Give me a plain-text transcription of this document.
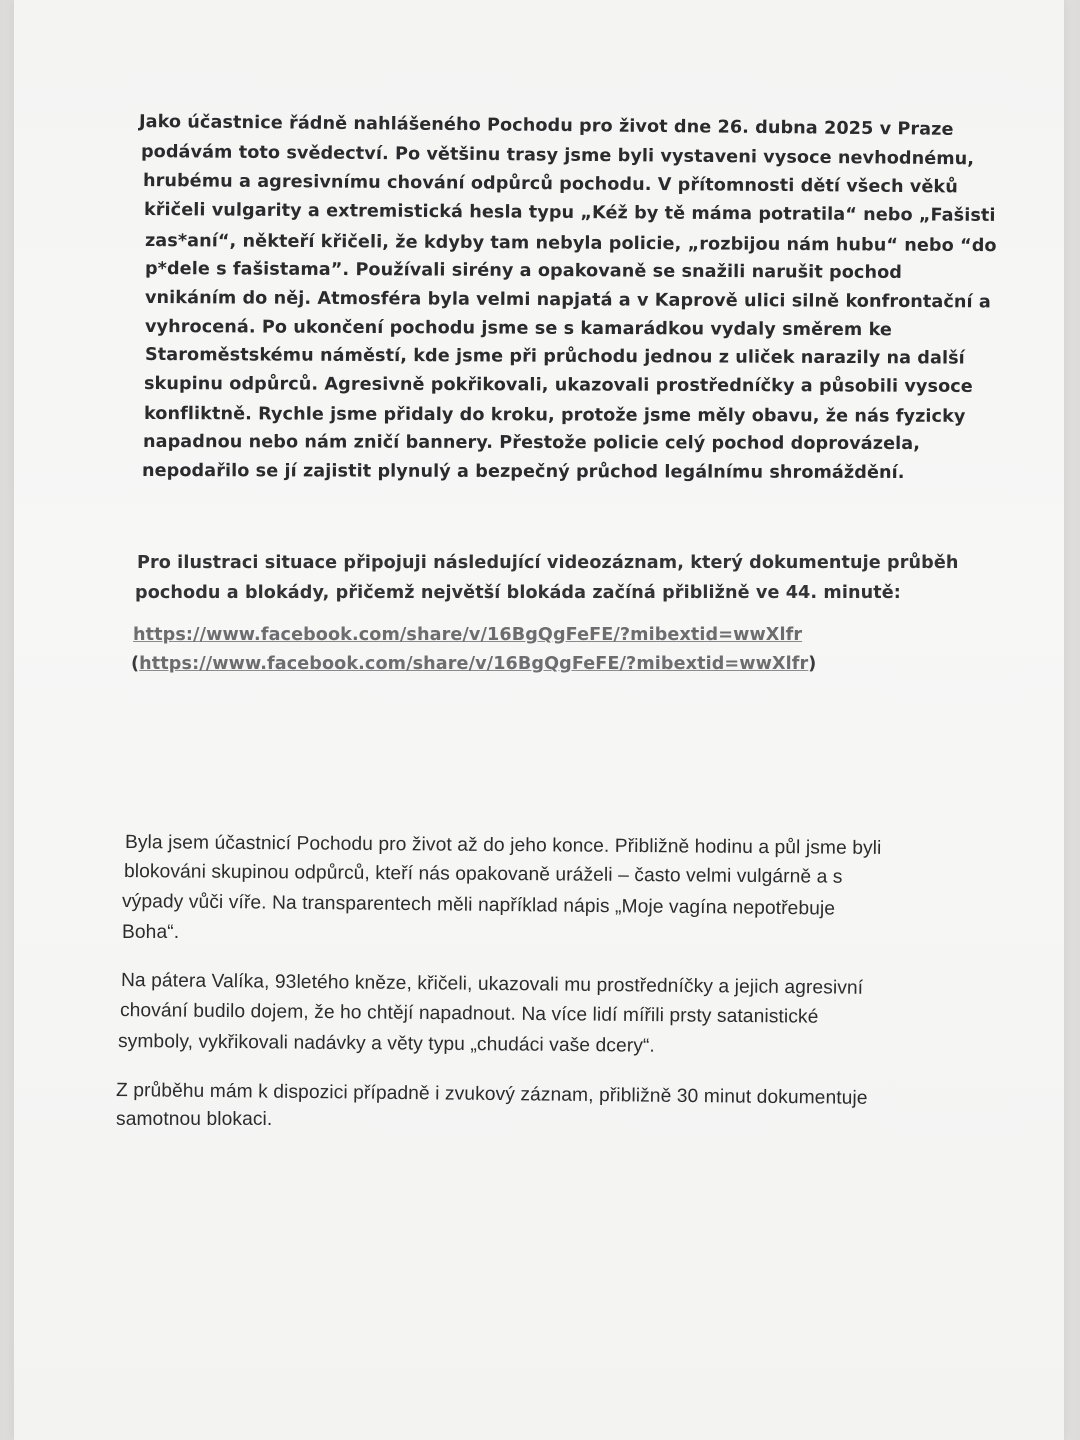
Jako účastnice řádně nahlášeného Pochodu pro život dne 26. dubna 2025 v Praze
podávám toto svědectví. Po většinu trasy jsme byli vystaveni vysoce nevhodnému,
hrubému a agresivnímu chování odpůrců pochodu. V přítomnosti dětí všech věků
křičeli vulgarity a extremistická hesla typu „Kéž by tě máma potratila“ nebo „Fašisti
zas*aní“, někteří křičeli, že kdyby tam nebyla policie, „rozbijou nám hubu“ nebo “do
p*dele s fašistama”. Používali sirény a opakovaně se snažili narušit pochod
vnikáním do něj. Atmosféra byla velmi napjatá a v Kaprově ulici silně konfrontační a
vyhrocená. Po ukončení pochodu jsme se s kamarádkou vydaly směrem ke
Staroměstskému náměstí, kde jsme při průchodu jednou z uliček narazily na další
skupinu odpůrců. Agresivně pokřikovali, ukazovali prostředníčky a působili vysoce
konfliktně. Rychle jsme přidaly do kroku, protože jsme měly obavu, že nás fyzicky
napadnou nebo nám zničí bannery. Přestože policie celý pochod doprovázela,
nepodařilo se jí zajistit plynulý a bezpečný průchod legálnímu shromáždění.
Pro ilustraci situace připojuji následující videozáznam, který dokumentuje průběh
pochodu a blokády, přičemž největší blokáda začíná přibližně ve 44. minutě:
https://www.facebook.com/share/v/16BgQgFeFE/?mibextid=wwXlfr
(https://www.facebook.com/share/v/16BgQgFeFE/?mibextid=wwXlfr)
Byla jsem účastnicí Pochodu pro život až do jeho konce. Přibližně hodinu a půl jsme byli
blokováni skupinou odpůrců, kteří nás opakovaně uráželi – často velmi vulgárně a s
výpady vůči víře. Na transparentech měli například nápis „Moje vagína nepotřebuje
Boha“.
Na pátera Valíka, 93letého kněze, křičeli, ukazovali mu prostředníčky a jejich agresivní
chování budilo dojem, že ho chtějí napadnout. Na více lidí mířili prsty satanistické
symboly, vykřikovali nadávky a věty typu „chudáci vaše dcery“.
Z průběhu mám k dispozici případně i zvukový záznam, přibližně 30 minut dokumentuje
samotnou blokaci.
